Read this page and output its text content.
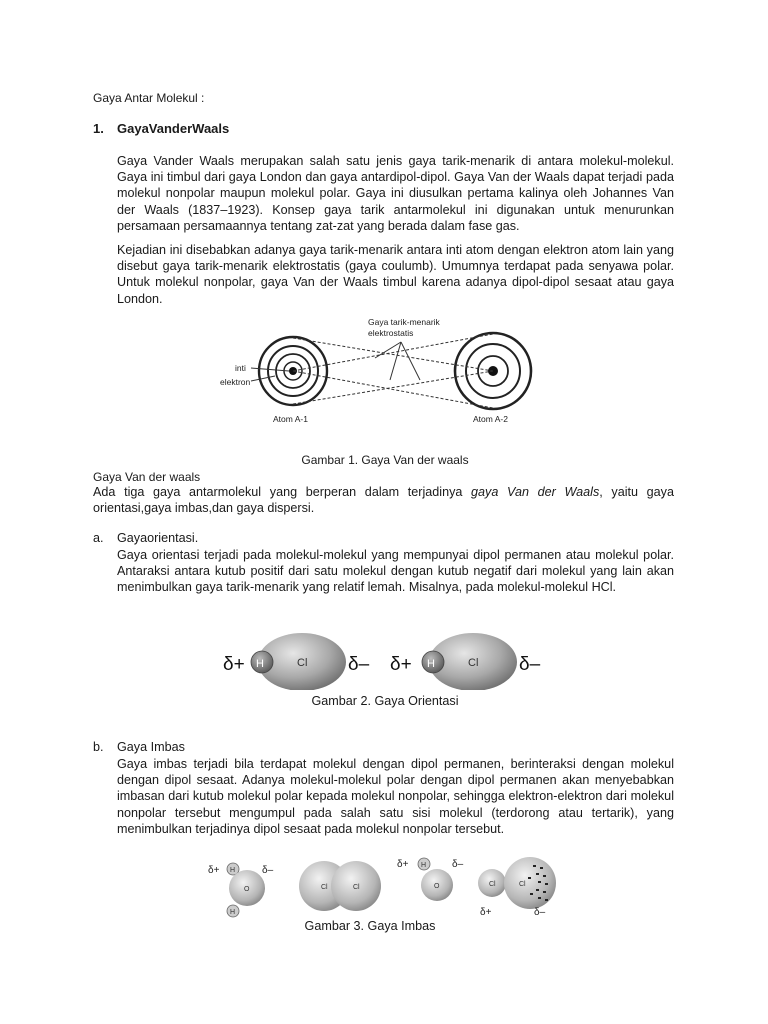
Gaya Antar Molekul :
1. GayaVanderWaals
Gaya Vander Waals merupakan salah satu jenis gaya tarik-menarik di antara molekul-molekul. Gaya ini timbul dari gaya London dan gaya antardipol-dipol. Gaya Van der Waals dapat terjadi pada molekul nonpolar maupun molekul polar. Gaya ini diusulkan pertama kalinya oleh Johannes Van der Waals (1837–1923). Konsep gaya tarik antarmolekul ini digunakan untuk menurunkan persamaan persamaannya tentang zat-zat yang berada dalam fase gas.
Kejadian ini disebabkan adanya gaya tarik-menarik antara inti atom dengan elektron atom lain yang disebut gaya tarik-menarik elektrostatis (gaya coulumb). Umumnya terdapat pada senyawa polar. Untuk molekul nonpolar, gaya Van der Waals timbul karena adanya dipol-dipol sesaat atau gaya London.
Gaya tarik-menarik
elektrostatis
inti
elektron
Atom A-1	Atom A-2
Gambar 1. Gaya Van der waals
Gaya Van der waals
Ada tiga gaya antarmolekul yang berperan dalam terjadinya gaya Van der Waals, yaitu gaya orientasi,gaya imbas,dan gaya dispersi.
a. Gayaorientasi.
Gaya orientasi terjadi pada molekul-molekul yang mempunyai dipol permanen atau molekul polar. Antaraksi antara kutub positif dari satu molekul dengan kutub negatif dari molekul yang lain akan menimbulkan gaya tarik-menarik yang relatif lemah. Misalnya, pada molekul-molekul HCl.
δ+ H	Cl δ– δ+ H	Cl δ–
Gambar 2. Gaya Orientasi
b. Gaya Imbas
Gaya imbas terjadi bila terdapat molekul dengan dipol permanen, berinteraksi dengan molekul dengan dipol sesaat. Adanya molekul-molekul polar dengan dipol permanen akan menyebabkan imbasan dari kutub molekul polar kepada molekul nonpolar, sehingga elektron-elektron dari molekul nonpolar tersebut mengumpul pada salah satu sisi molekul (terdorong atau tertarik), yang menimbulkan terjadinya dipol sesaat pada molekul nonpolar tersebut.
δ+ H
H
O
δ–
Cl	Cl
δ+ H
O
δ–
Cl	Cl
δ+	δ–
Gambar 3. Gaya Imbas
